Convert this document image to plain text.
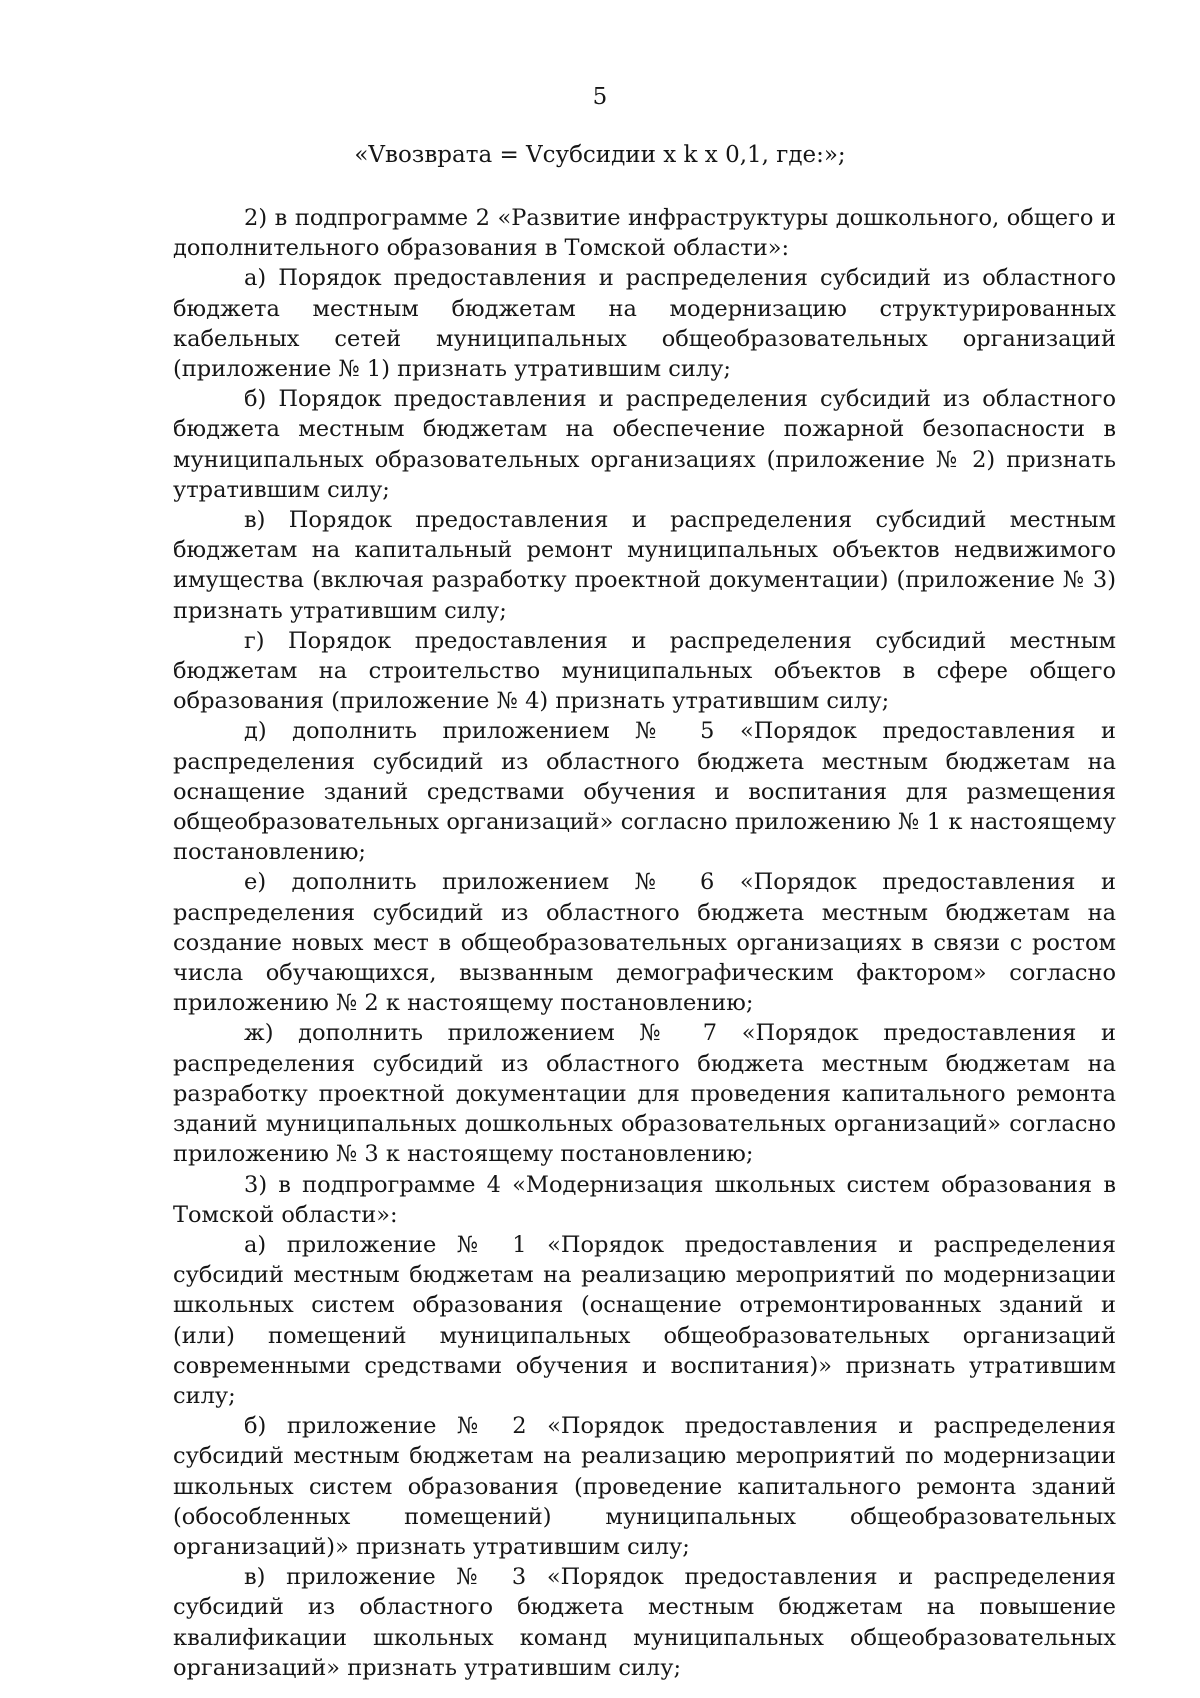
5
«Vвозврата = Vсубсидии x k x 0,1, где:»;

2) в подпрограмме 2 «Развитие инфраструктуры дошкольного, общего и дополнительного образования в Томской области»:

а) Порядок предоставления и распределения субсидий из областного бюджета местным бюджетам на модернизацию структурированных кабельных сетей муниципальных общеобразовательных организаций (приложение № 1) признать утратившим силу;

б) Порядок предоставления и распределения субсидий из областного бюджета местным бюджетам на обеспечение пожарной безопасности в муниципальных образовательных организациях (приложение № 2) признать утратившим силу;

в) Порядок предоставления и распределения субсидий местным бюджетам на капитальный ремонт муниципальных объектов недвижимого имущества (включая разработку проектной документации) (приложение № 3) признать утратившим силу;

г) Порядок предоставления и распределения субсидий местным бюджетам на строительство муниципальных объектов в сфере общего образования (приложение № 4) признать утратившим силу;

д) дополнить приложением № 5 «Порядок предоставления и распределения субсидий из областного бюджета местным бюджетам на оснащение зданий средствами обучения и воспитания для размещения общеобразовательных организаций» согласно приложению № 1 к настоящему постановлению;

е) дополнить приложением № 6 «Порядок предоставления и распределения субсидий из областного бюджета местным бюджетам на создание новых мест в общеобразовательных организациях в связи с ростом числа обучающихся, вызванным демографическим фактором» согласно приложению № 2 к настоящему постановлению;

ж) дополнить приложением № 7 «Порядок предоставления и распределения субсидий из областного бюджета местным бюджетам на разработку проектной документации для проведения капитального ремонта зданий муниципальных дошкольных образовательных организаций» согласно приложению № 3 к настоящему постановлению;

3) в подпрограмме 4 «Модернизация школьных систем образования в Томской области»:

а) приложение № 1 «Порядок предоставления и распределения субсидий местным бюджетам на реализацию мероприятий по модернизации школьных систем образования (оснащение отремонтированных зданий и (или) помещений муниципальных общеобразовательных организаций современными средствами обучения и воспитания)» признать утратившим силу;

б) приложение № 2 «Порядок предоставления и распределения субсидий местным бюджетам на реализацию мероприятий по модернизации школьных систем образования (проведение капитального ремонта зданий (обособленных помещений) муниципальных общеобразовательных организаций)» признать утратившим силу;

в) приложение № 3 «Порядок предоставления и распределения субсидий из областного бюджета местным бюджетам на повышение квалификации школьных команд муниципальных общеобразовательных организаций» признать утратившим силу;
